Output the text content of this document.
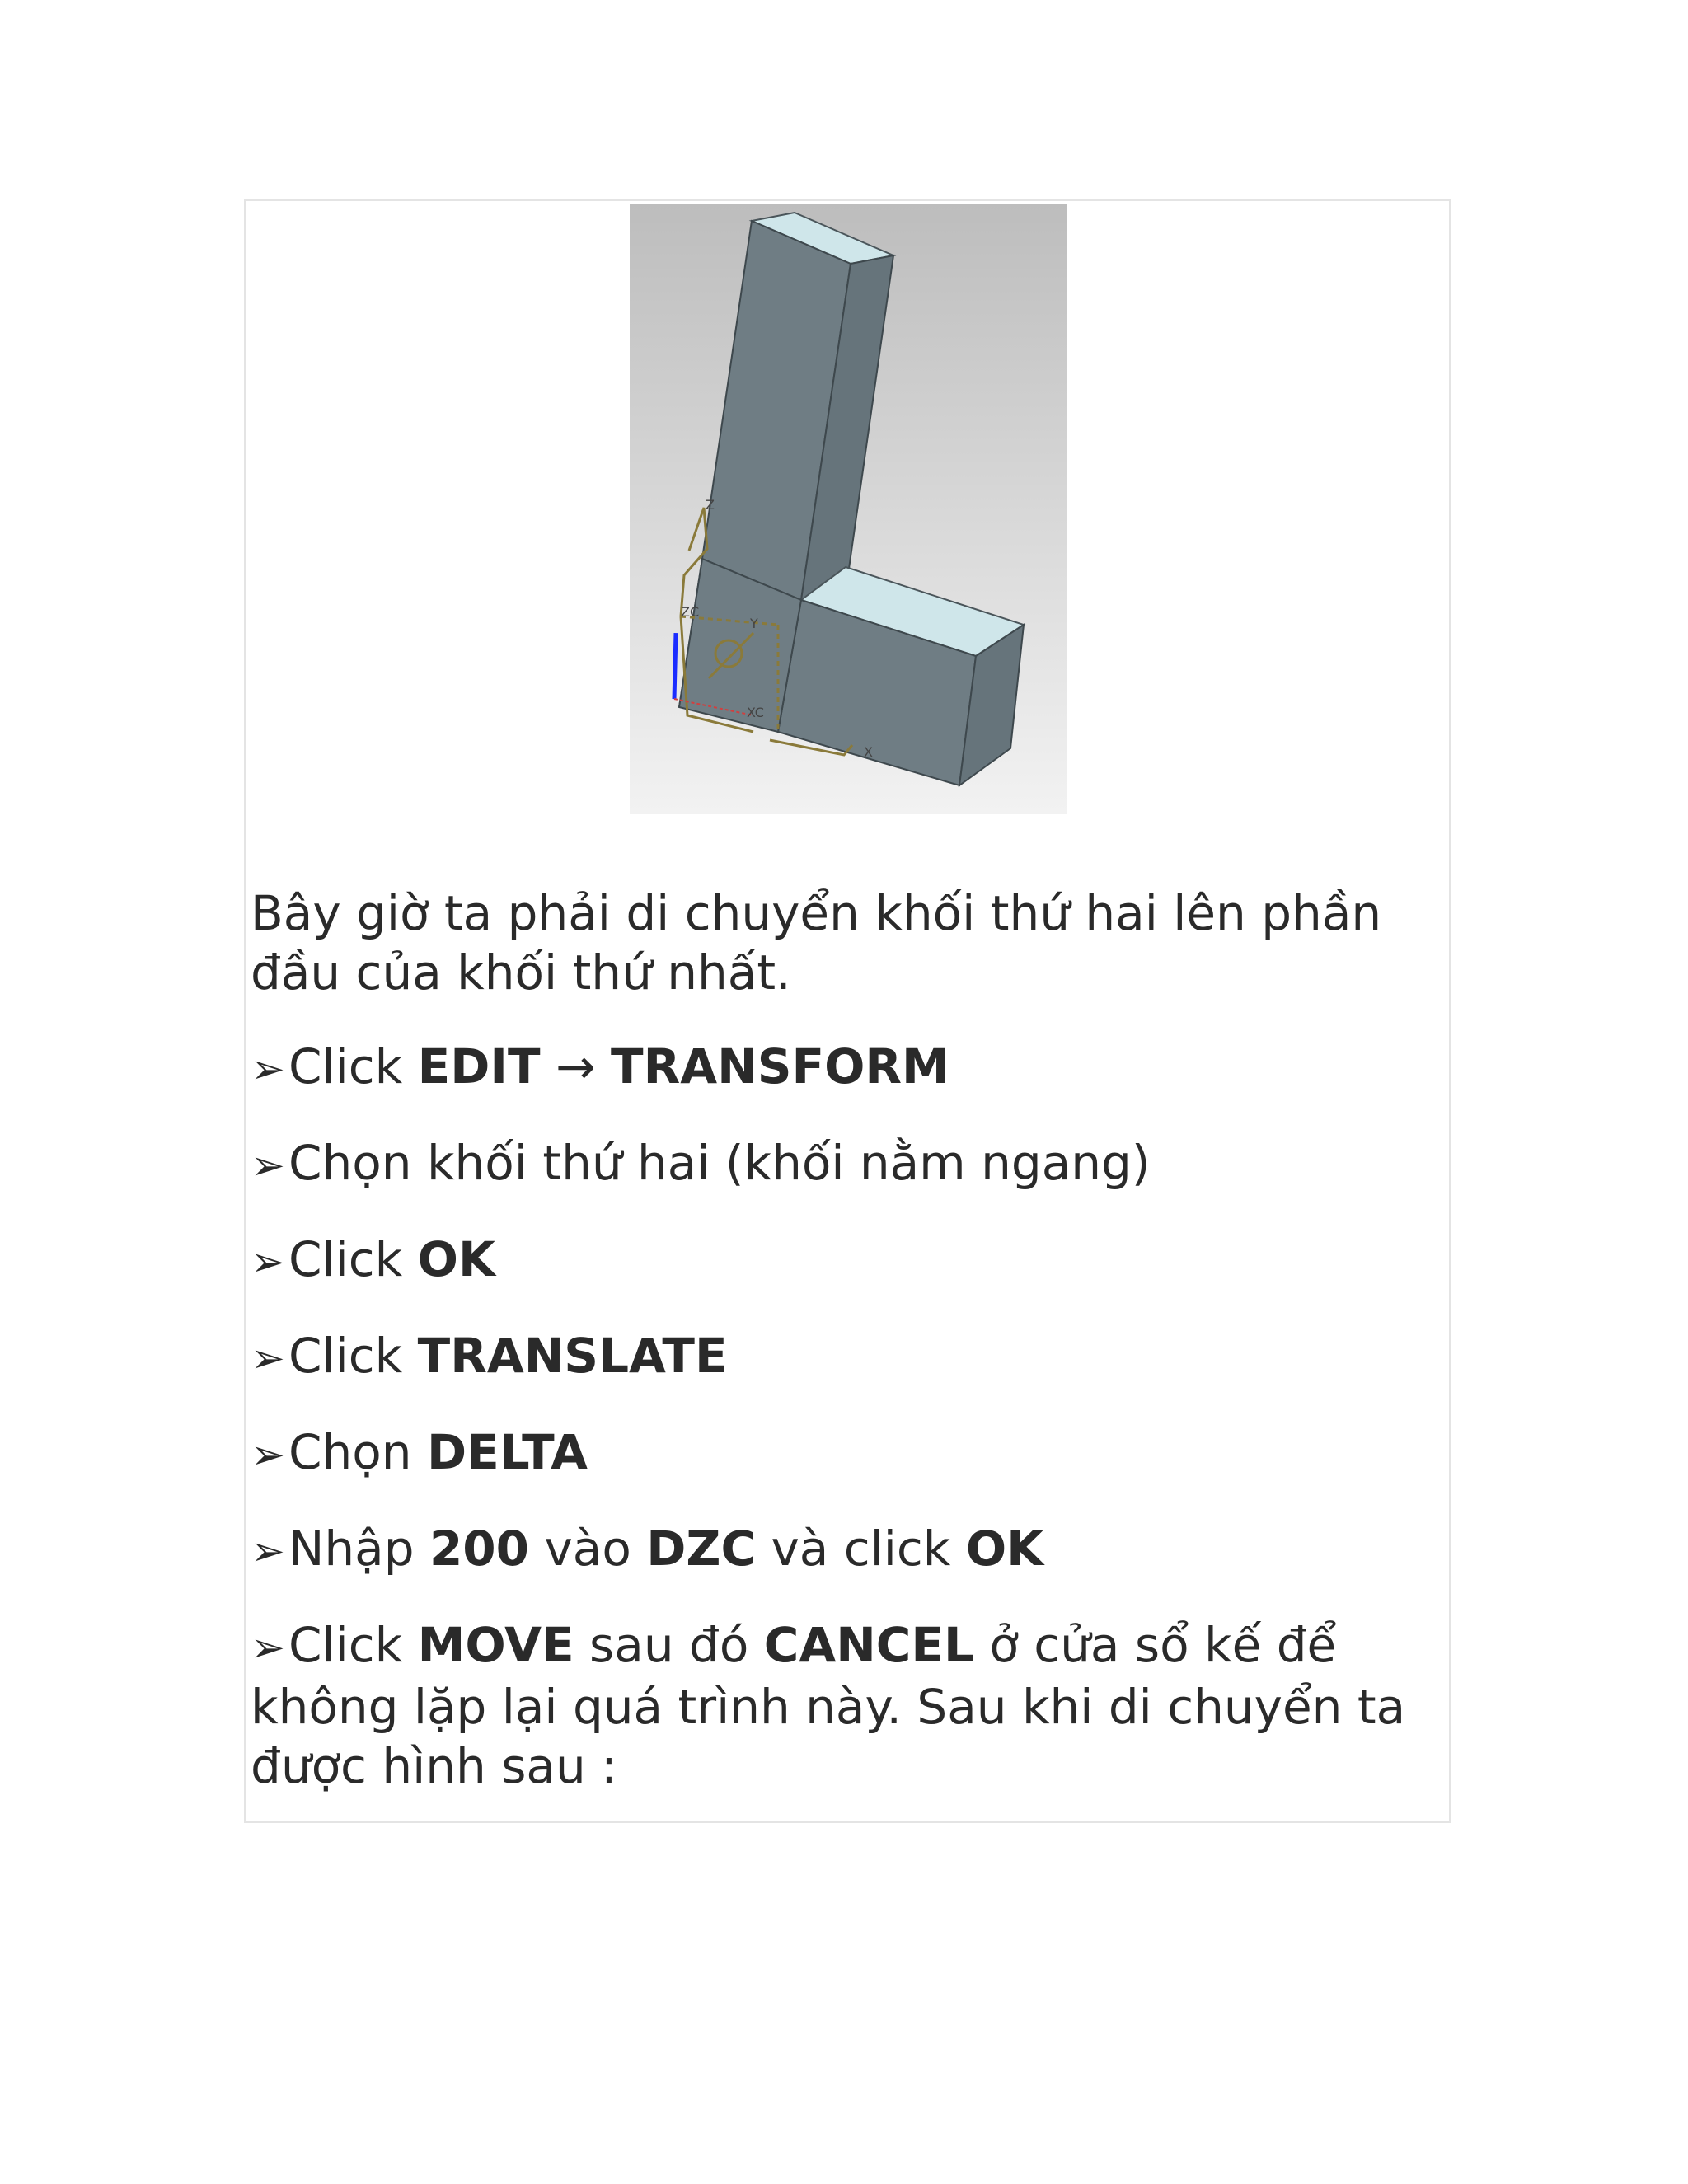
Z
ZC
Y
XC
X

Bây giờ ta phải di chuyển khối thứ hai lên phần đầu của khối thứ nhất.

➢Click EDIT → TRANSFORM
➢Chọn khối thứ hai (khối nằm ngang)
➢Click OK
➢Click TRANSLATE
➢Chọn DELTA
➢Nhập 200 vào DZC và click OK
➢Click MOVE sau đó CANCEL ở cửa sổ kế để không lặp lại quá trình này. Sau khi di chuyển ta được hình sau :
